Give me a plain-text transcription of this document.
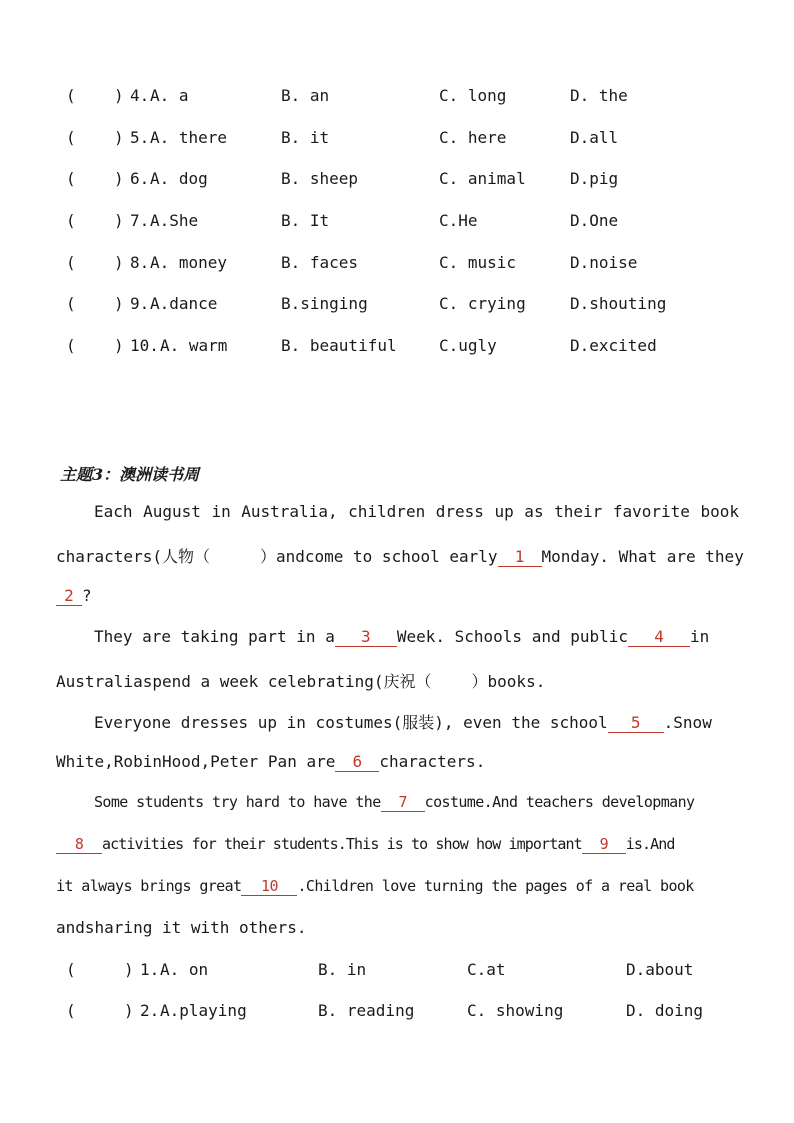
( ) 4. A. a	B. an	C. long	D. the
( ) 5. A. there	B. it	C. here	D.all
( ) 6. A. dog	B. sheep	C. animal	D.pig
( ) 7. A.She	B. It	C.He	D.One
( ) 8. A. money	B. faces	C. music	D.noise
( ) 9. A.dance	B.singing	C. crying	D.shouting
( ) 10. A. warm	B. beautiful	C.ugly	D.excited
主题3：澳洲读书周
Each August in Australia, children dress up as their favorite book
characters(人物（	）andcome to school early 1 Monday. What are they
2 ?
They are taking part in a 3 Week. Schools and public 4 in
Australiaspend a week celebrating(庆祝（	）books.
Everyone dresses up in costumes(服装), even the school 5 .Snow
White,RobinHood,Peter Pan are 6 characters.
Some students try hard to have the 7 costume.And teachers developmany
8 activities for their students.This is to show how important 9 is.And
it always brings great 10 .Children love turning the pages of a real book
andsharing it with others.
(	) 1. A. on	B. in	C.at	D.about
(	) 2. A.playing	B. reading	C. showing	D. doing
